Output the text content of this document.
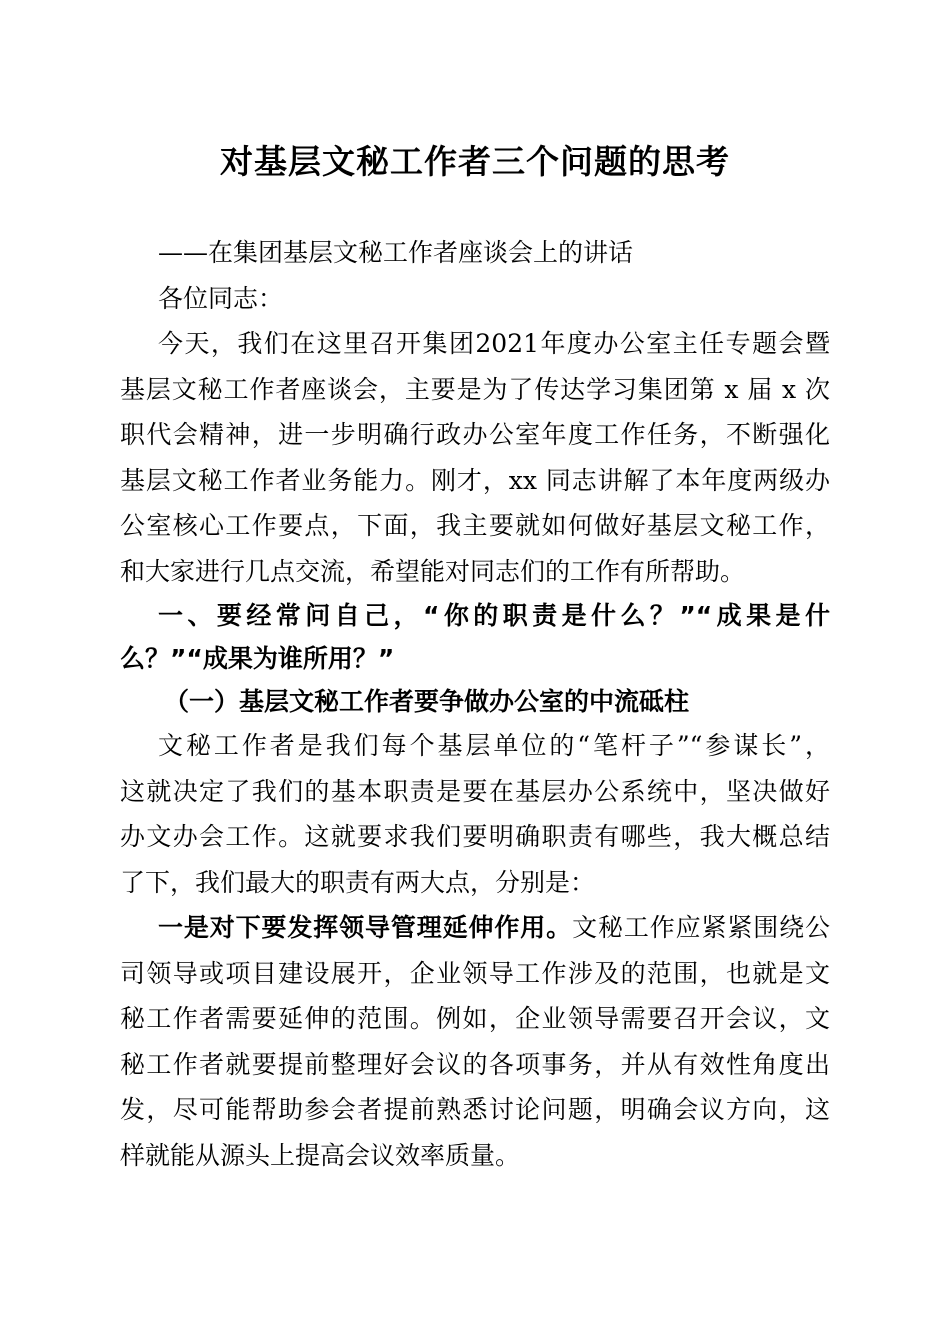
对基层文秘工作者三个问题的思考
——在集团基层文秘工作者座谈会上的讲话
各位同志：
今天，我们在这里召开集团2021年度办公室主任专题会暨
基层文秘工作者座谈会，主要是为了传达学习集团第 x 届 x 次
职代会精神，进一步明确行政办公室年度工作任务，不断强化
基层文秘工作者业务能力。刚才，xx 同志讲解了本年度两级办
公室核心工作要点，下面，我主要就如何做好基层文秘工作，
和大家进行几点交流，希望能对同志们的工作有所帮助。
一、要经常问自己，“你的职责是什么？”“成果是什
么？”“成果为谁所用？”
（一）基层文秘工作者要争做办公室的中流砥柱
文秘工作者是我们每个基层单位的“笔杆子”“参谋长”，
这就决定了我们的基本职责是要在基层办公系统中，坚决做好
办文办会工作。这就要求我们要明确职责有哪些，我大概总结
了下，我们最大的职责有两大点，分别是：
一是对下要发挥领导管理延伸作用。文秘工作应紧紧围绕公
司领导或项目建设展开，企业领导工作涉及的范围，也就是文
秘工作者需要延伸的范围。例如，企业领导需要召开会议，文
秘工作者就要提前整理好会议的各项事务，并从有效性角度出
发，尽可能帮助参会者提前熟悉讨论问题，明确会议方向，这
样就能从源头上提高会议效率质量。
